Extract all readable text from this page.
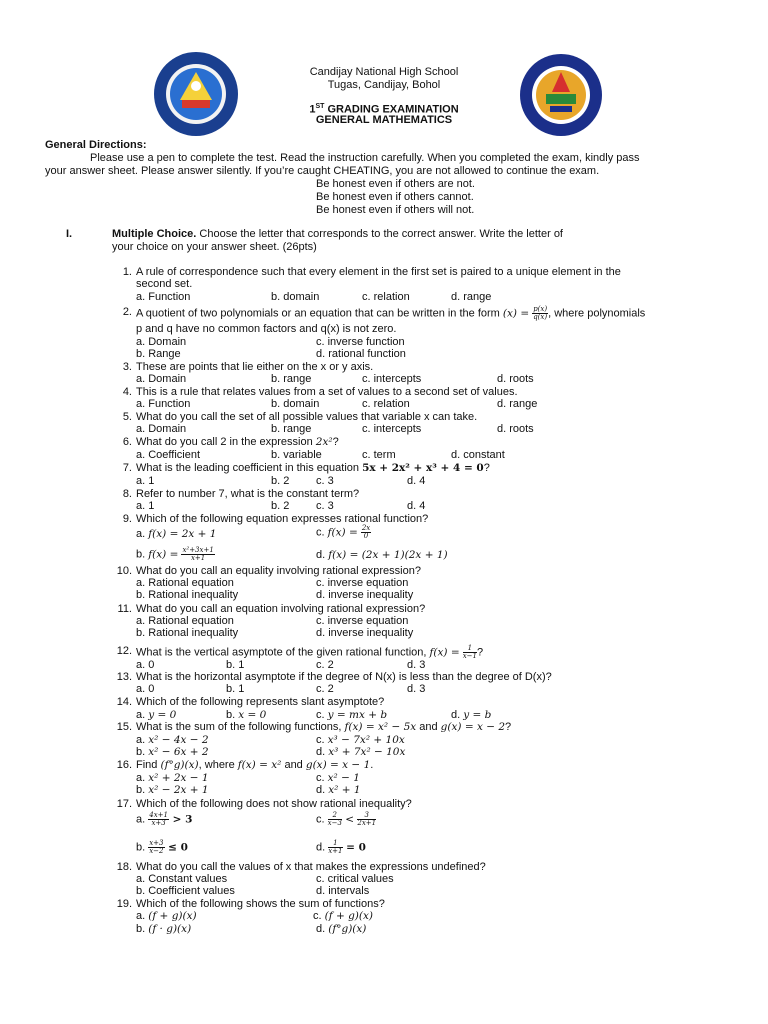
Candijay National High School
Tugas, Candijay, Bohol
1ST GRADING EXAMINATION
GENERAL MATHEMATICS
General Directions:
Please use a pen to complete the test. Read the instruction carefully. When you completed the exam, kindly pass
your answer sheet. Please answer silently. If you’re caught CHEATING, you are not allowed to continue the exam.
Be honest even if others are not.
Be honest even if others cannot.
Be honest even if others will not.
I.	Multiple Choice. Choose the letter that corresponds to the correct answer. Write the letter of
your choice on your answer sheet. (26pts)
1. A rule of correspondence such that every element in the first set is paired to a unique element in the
second set.
a. Function	b. domain	c. relation	d. range
2. A quotient of two polynomials or an equation that can be written in the form $(x) = \frac{p(x)}{q(x)}$ , where polynomials
p and q have no common factors and q(x) is not zero.
a. Domain	c. inverse function
b. Range	d. rational function
3. These are points that lie either on the x or y axis.
a. Domain	b. range	c. intercepts	d. roots
4. This is a rule that relates values from a set of values to a second set of values.
a. Function	b. domain	c. relation	d. range
5. What do you call the set of all possible values that variable x can take.
a. Domain	b. range	c. intercepts	d. roots
6. What do you call 2 in the expression 2x²?
a. Coefficient	b. variable	c. term	d. constant
7. What is the leading coefficient in this equation 5x + 2x² + x³ + 4 = 0?
a. 1	b. 2 c. 3	d. 4
8. Refer to number 7, what is the constant term?
a. 1	b. 2 c. 3	d. 4
9. Which of the following equation expresses rational function?
a. f(x) = 2x + 1	c. $f(x) = \frac{2x}{0}$
b. $f(x) = \frac{\text{x²+3x+1}}{x+1}$	d. f(x) = (2x + 1)(2x + 1)
10. What do you call an equality involving rational expression?
a. Rational equation	c. inverse equation
b. Rational inequality	d. inverse inequality
11. What do you call an equation involving rational expression?
a. Rational equation	c. inverse equation
b. Rational inequality	d. inverse inequality
12. What is the vertical asymptote of the given rational function, $f(x) = \frac{1}{x-1}$ ?
a. 0	b. 1	c. 2	d. 3
13. What is the horizontal asymptote if the degree of N(x) is less than the degree of D(x)?
a. 0	b. 1	c. 2	d. 3
14. Which of the following represents slant asymptote?
a. y = 0	b. x = 0	c. y = mx + b	d. y = b
15. What is the sum of the following functions, f(x) = x² − 5x and g(x) = x − 2?
a. x² − 4x − 2	c. x³ − 7x² + 10x
b. x² − 6x + 2	d. x³ + 7x² − 10x
16. Find (f°g)(x), where f(x) = x² and g(x) = x − 1.
a. x² + 2x − 1	c. x² − 1
b. x² − 2x + 1	d. x² + 1
17. Which of the following does not show rational inequality?
a. $\frac{4x+1}{x+3} > 3$	c. $\frac{2}{x-3} < \frac{3}{2x+1}$
b. $\frac{x+3}{x-2} \le 0$	d. $\frac{1}{x+1} = 0$
18. What do you call the values of x that makes the expressions undefined?
a. Constant values	c. critical values
b. Coefficient values	d. intervals
19. Which of the following shows the sum of functions?
a. (f + g)(x)	c. (f + g)(x)
b. (f · g)(x)	d. (f°g)(x)
